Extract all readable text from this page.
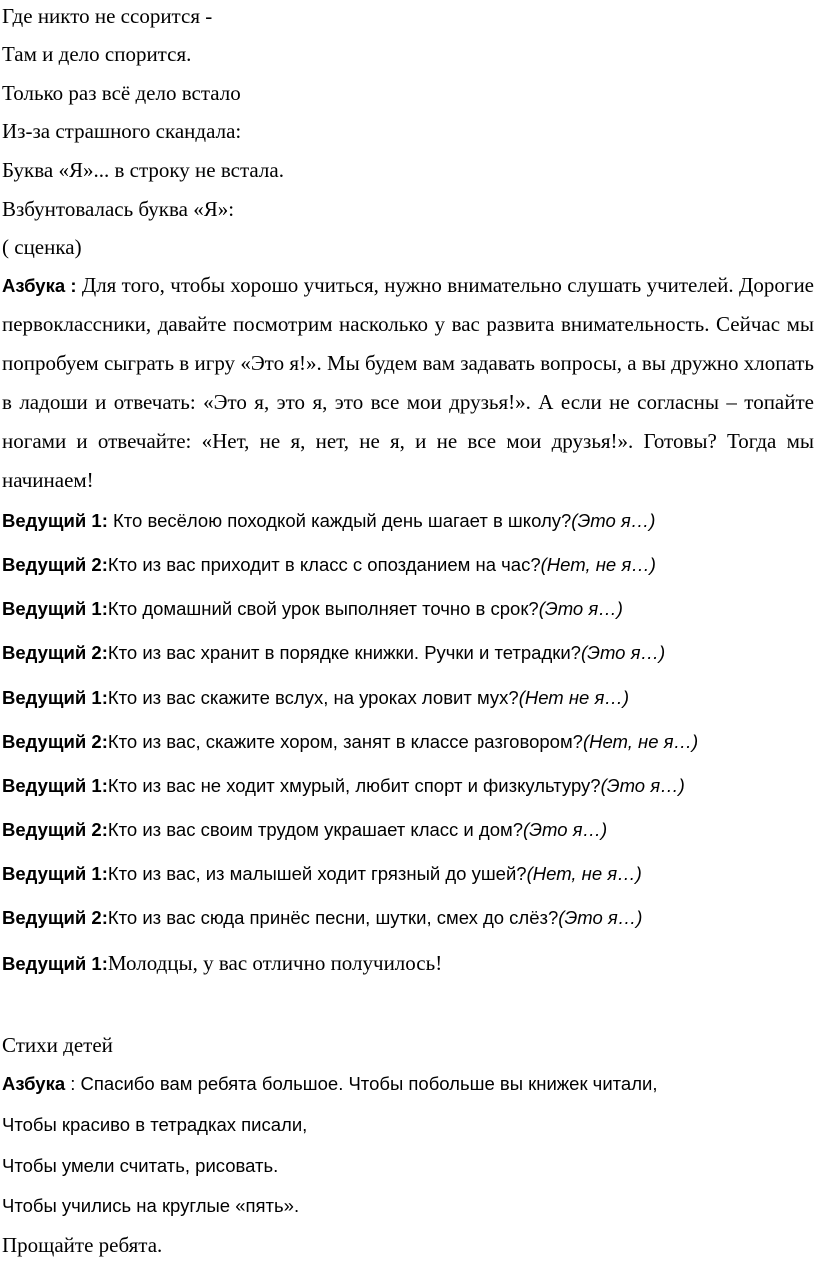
Где никто не ссорится -
Там и дело спорится.
Только раз всё дело встало
Из-за страшного скандала:
Буква «Я»... в строку не встала.
Взбунтовалась буква «Я»:
( сценка)
Азбука : Для того, чтобы хорошо учиться, нужно внимательно слушать учителей. Дорогие первоклассники, давайте посмотрим насколько у вас развита внимательность. Сейчас мы попробуем сыграть в игру «Это я!». Мы будем вам задавать вопросы, а вы дружно хлопать в ладоши и отвечать: «Это я, это я, это все мои друзья!». А если не согласны – топайте ногами и отвечайте: «Нет, не я, нет, не я, и не все мои друзья!». Готовы? Тогда мы начинаем!
Ведущий 1: Кто весёлою походкой каждый день шагает в школу?(Это я…)
Ведущий 2:Кто из вас приходит в класс с опозданием на час?(Нет, не я…)
Ведущий 1:Кто домашний свой урок выполняет точно в срок?(Это я…)
Ведущий 2:Кто из вас хранит в порядке книжки. Ручки и тетрадки?(Это я…)
Ведущий 1:Кто из вас скажите вслух, на уроках ловит мух?(Нет не я…)
Ведущий 2:Кто из вас, скажите хором, занят в классе разговором?(Нет, не я…)
Ведущий 1:Кто из вас не ходит хмурый, любит спорт и физкультуру?(Это я…)
Ведущий 2:Кто из вас своим трудом украшает класс и дом?(Это я…)
Ведущий 1:Кто из вас, из малышей ходит грязный до ушей?(Нет, не я…)
Ведущий 2:Кто из вас сюда принёс песни, шутки, смех до слёз?(Это я…)
Ведущий 1:Молодцы, у вас отлично получилось!
Стихи детей
Азбука : Спасибо вам ребята большое. Чтобы побольше вы книжек читали,
Чтобы красиво в тетрадках писали,
Чтобы умели считать, рисовать.
Чтобы учились на круглые «пять».
Прощайте ребята.
